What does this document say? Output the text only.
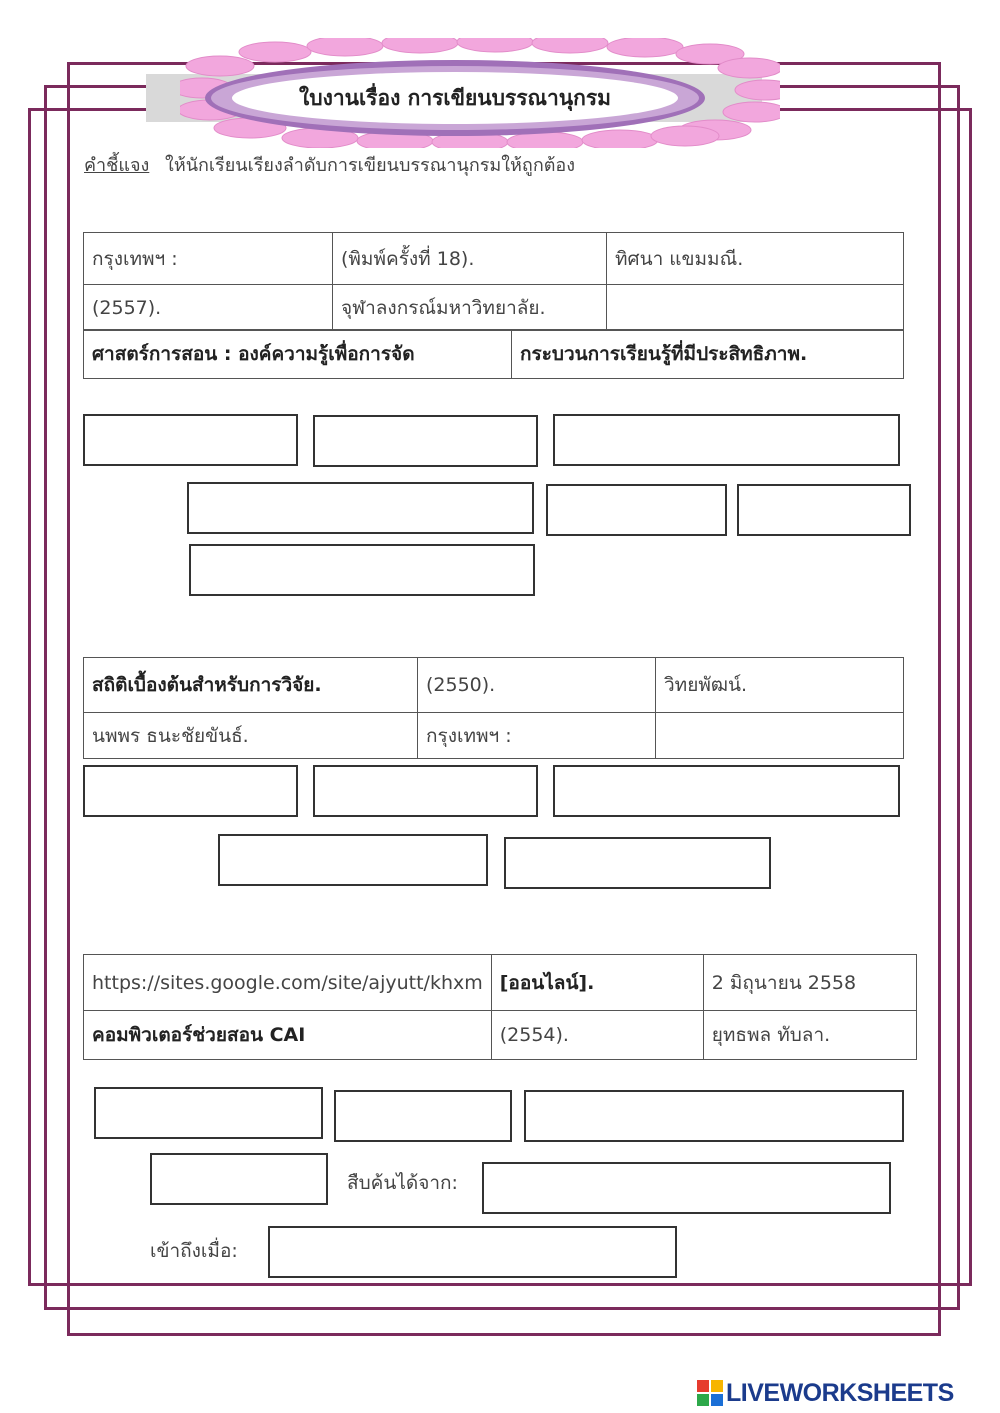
ใบงานเรื่อง การเขียนบรรณานุกรม
คำชี้แจง ให้นักเรียนเรียงลำดับการเขียนบรรณานุกรมให้ถูกต้อง
กรุงเทพฯ :	(พิมพ์ครั้งที่ 18).	ทิศนา แขมมณี.
(2557).	จุฬาลงกรณ์มหาวิทยาลัย.	
ศาสตร์การสอน : องค์ความรู้เพื่อการจัด	กระบวนการเรียนรู้ที่มีประสิทธิภาพ.
สถิติเบื้องต้นสำหรับการวิจัย.	(2550).	วิทยพัฒน์.
นพพร ธนะชัยขันธ์.	กรุงเทพฯ :	
https://sites.google.com/site/ajyutt/khxm	[ออนไลน์].	2 มิถุนายน 2558
คอมพิวเตอร์ช่วยสอน CAI	(2554).	ยุทธพล ทับลา.
สืบค้นได้จาก:
เข้าถึงเมื่อ:
LIVEWORKSHEETS
